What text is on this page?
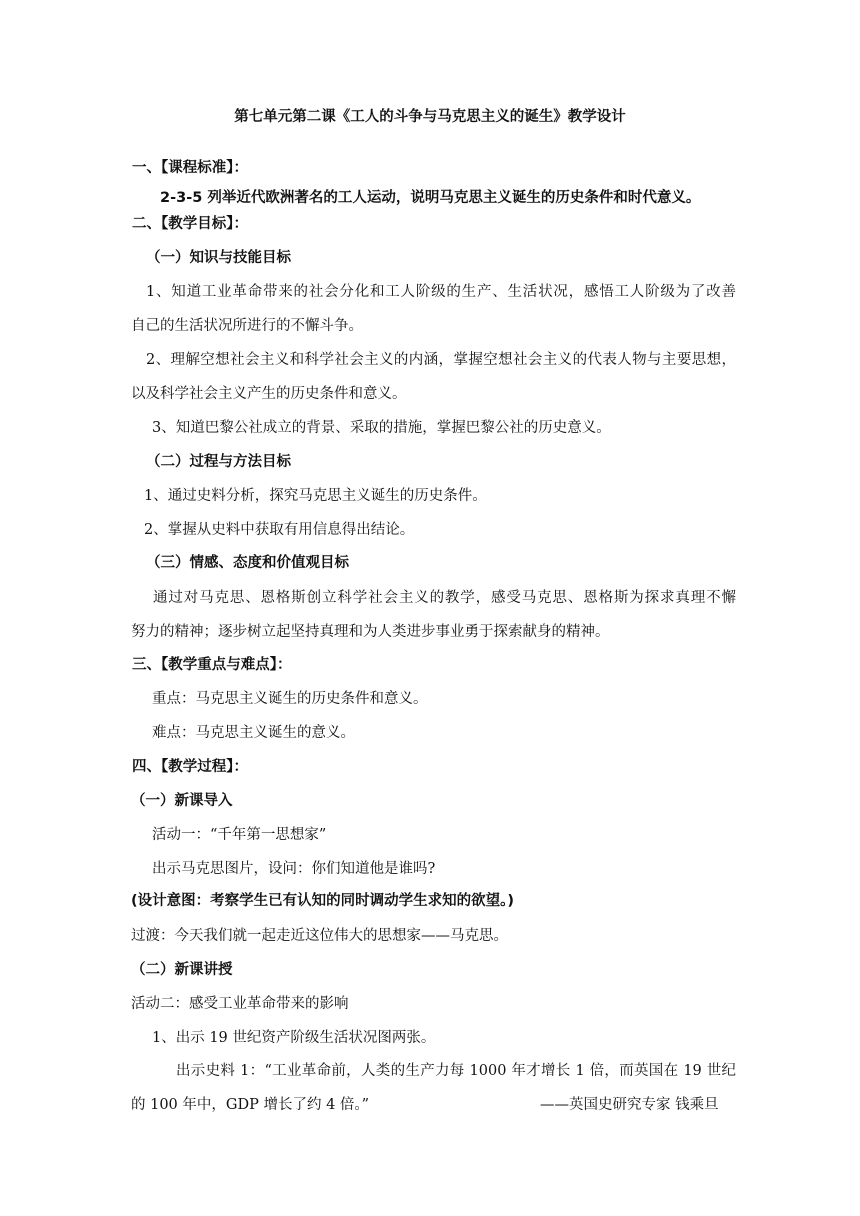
第七单元第二课《工人的斗争与马克思主义的诞生》教学设计
一、【课程标准】：
2-3-5 列举近代欧洲著名的工人运动，说明马克思主义诞生的历史条件和时代意义。
二、【教学目标】：
（一）知识与技能目标
1、知道工业革命带来的社会分化和工人阶级的生产、生活状况，感悟工人阶级为了改善
自己的生活状况所进行的不懈斗争。
2、理解空想社会主义和科学社会主义的内涵，掌握空想社会主义的代表人物与主要思想，
以及科学社会主义产生的历史条件和意义。
3、知道巴黎公社成立的背景、采取的措施，掌握巴黎公社的历史意义。
（二）过程与方法目标
1、通过史料分析，探究马克思主义诞生的历史条件。
2、掌握从史料中获取有用信息得出结论。
（三）情感、态度和价值观目标
通过对马克思、恩格斯创立科学社会主义的教学，感受马克思、恩格斯为探求真理不懈
努力的精神；逐步树立起坚持真理和为人类进步事业勇于探索献身的精神。
三、【教学重点与难点】：
重点：马克思主义诞生的历史条件和意义。
难点：马克思主义诞生的意义。
四、【教学过程】：
（一）新课导入
活动一：“千年第一思想家”
出示马克思图片，设问：你们知道他是谁吗?
(设计意图：考察学生已有认知的同时调动学生求知的欲望。)
过渡：今天我们就一起走近这位伟大的思想家——马克思。
（二）新课讲授
活动二：感受工业革命带来的影响
1、出示 19 世纪资产阶级生活状况图两张。
出示史料 1：“工业革命前，人类的生产力每 1000 年才增长 1 倍，而英国在 19 世纪
的 100 年中，GDP 增长了约 4 倍。”	——英国史研究专家 钱乘旦
